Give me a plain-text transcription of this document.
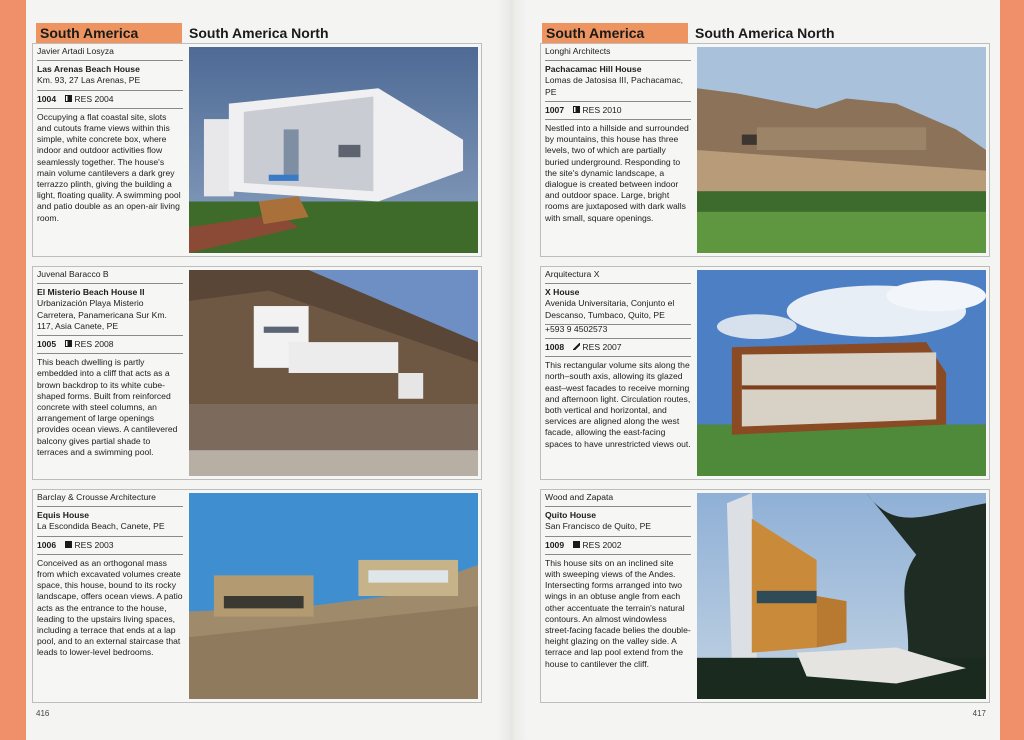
South America	South America North
Javier Artadi Losyza
Las Arenas Beach House
Km. 93, 27 Las Arenas, PE
1004	RES 2004
Occupying a flat coastal site, slots and cutouts frame views within this simple, white concrete box, where indoor and outdoor activities flow seamlessly together. The house's main volume cantilevers a dark grey terrazzo plinth, giving the building a light, floating quality. A swimming pool and patio double as an open-air living room.
Juvenal Baracco B
El Misterio Beach House II
Urbanización Playa Misterio Carretera, Panamericana Sur Km. 117, Asia Canete, PE
1005	RES 2008
This beach dwelling is partly embedded into a cliff that acts as a brown backdrop to its white cube-shaped forms. Built from reinforced concrete with steel columns, an arrangement of large openings provides ocean views. A cantilevered balcony gives partial shade to terraces and a swimming pool.
Barclay & Crousse Architecture
Equis House
La Escondida Beach, Canete, PE
1006	RES 2003
Conceived as an orthogonal mass from which excavated volumes create space, this house, bound to its rocky landscape, offers ocean views. A patio acts as the entrance to the house, leading to the upstairs living spaces, including a terrace that ends at a lap pool, and to an external staircase that leads to lower-level bedrooms.
416
South America	South America North
Longhi Architects
Pachacamac Hill House
Lomas de Jatosisa III, Pachacamac, PE
1007	RES 2010
Nestled into a hillside and surrounded by mountains, this house has three levels, two of which are partially buried underground. Responding to the site's dynamic landscape, a dialogue is created between indoor and outdoor space. Large, bright rooms are juxtaposed with dark walls with small, square openings.
Arquitectura X
X House
Avenida Universitaria, Conjunto el Descanso, Tumbaco, Quito, PE
+593 9 4502573
1008	RES 2007
This rectangular volume sits along the north–south axis, allowing its glazed east–west facades to receive morning and afternoon light. Circulation routes, both vertical and horizontal, and services are aligned along the west facade, allowing the east-facing spaces to have unrestricted views out.
Wood and Zapata
Quito House
San Francisco de Quito, PE
1009	RES 2002
This house sits on an inclined site with sweeping views of the Andes. Intersecting forms arranged into two wings in an obtuse angle from each other accentuate the terrain's natural contours. An almost windowless street-facing facade belies the double-height glazing on the valley side. A terrace and lap pool extend from the house to cantilever the cliff.
417
